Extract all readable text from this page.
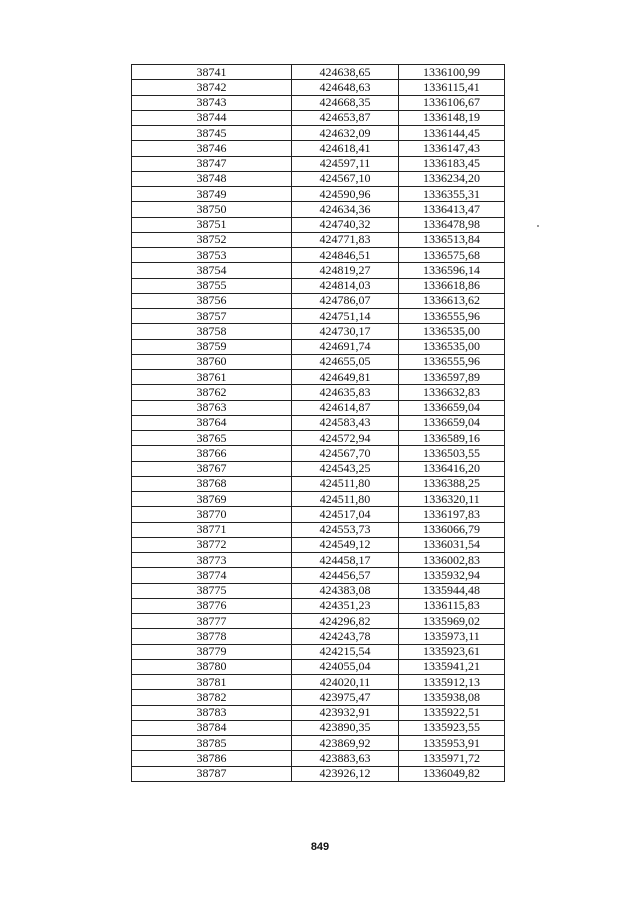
38741	424638,65	1336100,99
38742	424648,63	1336115,41
38743	424668,35	1336106,67
38744	424653,87	1336148,19
38745	424632,09	1336144,45
38746	424618,41	1336147,43
38747	424597,11	1336183,45
38748	424567,10	1336234,20
38749	424590,96	1336355,31
38750	424634,36	1336413,47
38751	424740,32	1336478,98
38752	424771,83	1336513,84
38753	424846,51	1336575,68
38754	424819,27	1336596,14
38755	424814,03	1336618,86
38756	424786,07	1336613,62
38757	424751,14	1336555,96
38758	424730,17	1336535,00
38759	424691,74	1336535,00
38760	424655,05	1336555,96
38761	424649,81	1336597,89
38762	424635,83	1336632,83
38763	424614,87	1336659,04
38764	424583,43	1336659,04
38765	424572,94	1336589,16
38766	424567,70	1336503,55
38767	424543,25	1336416,20
38768	424511,80	1336388,25
38769	424511,80	1336320,11
38770	424517,04	1336197,83
38771	424553,73	1336066,79
38772	424549,12	1336031,54
38773	424458,17	1336002,83
38774	424456,57	1335932,94
38775	424383,08	1335944,48
38776	424351,23	1336115,83
38777	424296,82	1335969,02
38778	424243,78	1335973,11
38779	424215,54	1335923,61
38780	424055,04	1335941,21
38781	424020,11	1335912,13
38782	423975,47	1335938,08
38783	423932,91	1335922,51
38784	423890,35	1335923,55
38785	423869,92	1335953,91
38786	423883,63	1335971,72
38787	423926,12	1336049,82
849
